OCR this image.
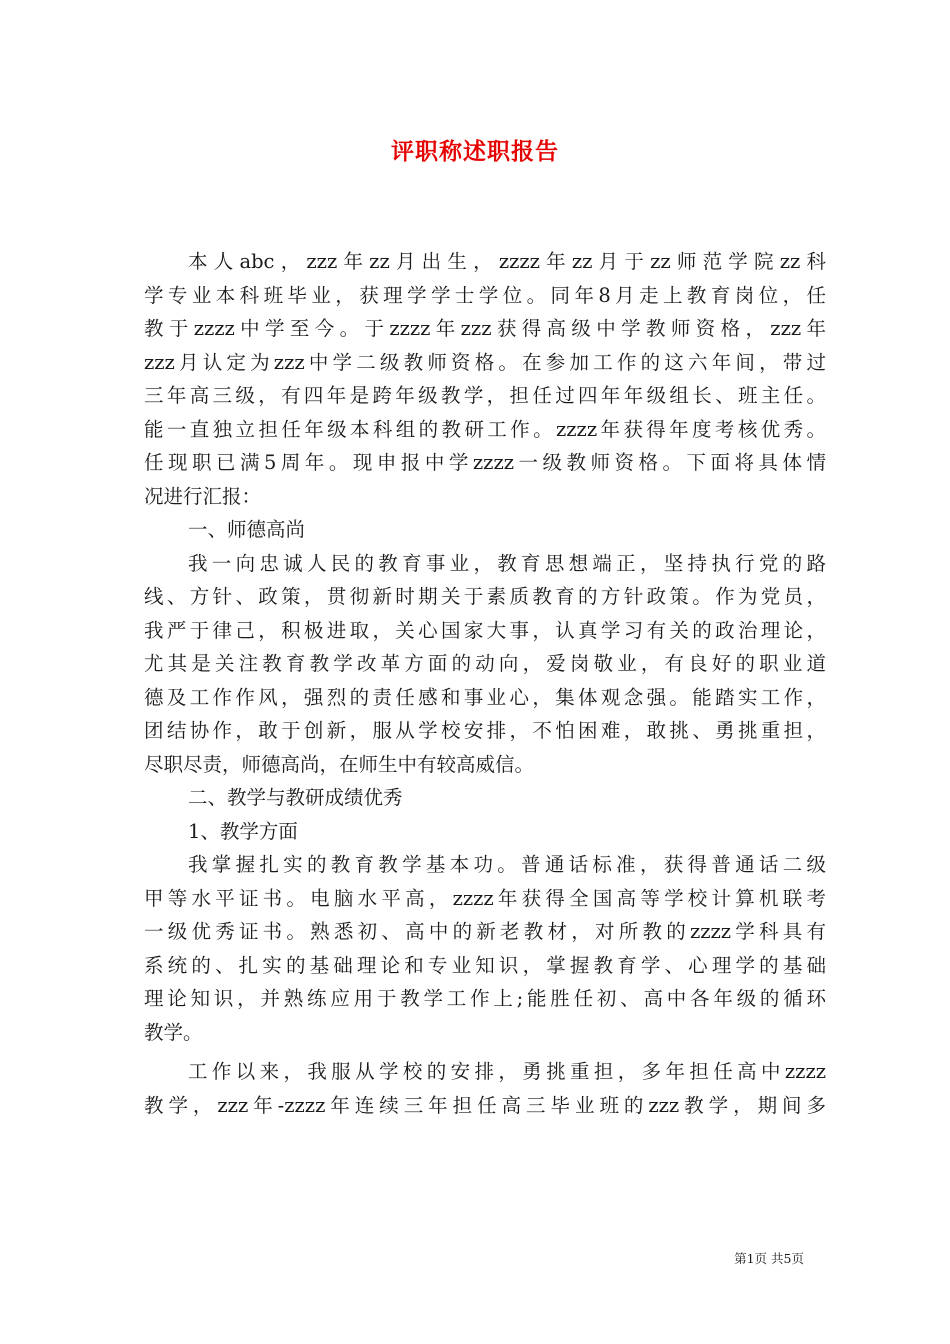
评职称述职报告
本人abc，zzz年zz月出生，zzzz年zz月于zz师范学院zz科
学专业本科班毕业，获理学学士学位。同年8月走上教育岗位，任
教于zzzz中学至今。于zzzz年zzz获得高级中学教师资格，zzz年
zzz月认定为zzz中学二级教师资格。在参加工作的这六年间，带过
三年高三级，有四年是跨年级教学，担任过四年年级组长、班主任。
能一直独立担任年级本科组的教研工作。zzzz年获得年度考核优秀。
任现职已满5周年。现申报中学zzzz一级教师资格。下面将具体情
况进行汇报：
一、师德高尚
我一向忠诚人民的教育事业，教育思想端正，坚持执行党的路
线、方针、政策，贯彻新时期关于素质教育的方针政策。作为党员，
我严于律己，积极进取，关心国家大事，认真学习有关的政治理论，
尤其是关注教育教学改革方面的动向，爱岗敬业，有良好的职业道
德及工作作风，强烈的责任感和事业心，集体观念强。能踏实工作，
团结协作，敢于创新，服从学校安排，不怕困难，敢挑、勇挑重担，
尽职尽责，师德高尚，在师生中有较高威信。
二、教学与教研成绩优秀
1、教学方面
我掌握扎实的教育教学基本功。普通话标准，获得普通话二级
甲等水平证书。电脑水平高，zzzz年获得全国高等学校计算机联考
一级优秀证书。熟悉初、高中的新老教材，对所教的zzzz学科具有
系统的、扎实的基础理论和专业知识，掌握教育学、心理学的基础
理论知识，并熟练应用于教学工作上;能胜任初、高中各年级的循环
教学。
工作以来，我服从学校的安排，勇挑重担，多年担任高中zzzz
教学，zzz年-zzzz年连续三年担任高三毕业班的zzz教学，期间多
第1页 共5页
